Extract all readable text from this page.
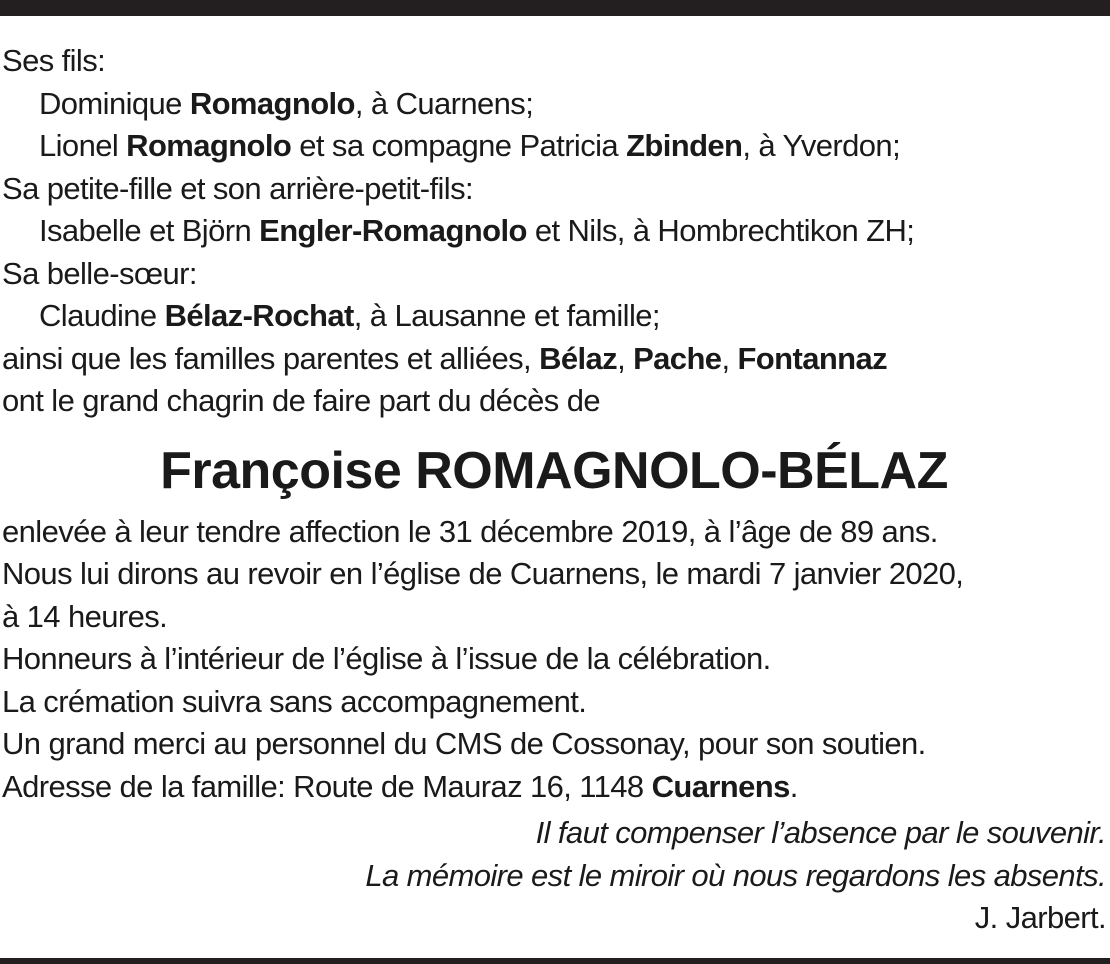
Ses fils:
Dominique Romagnolo, à Cuarnens;
Lionel Romagnolo et sa compagne Patricia Zbinden, à Yverdon;
Sa petite-fille et son arrière-petit-fils:
Isabelle et Björn Engler-Romagnolo et Nils, à Hombrechtikon ZH;
Sa belle-sœur:
Claudine Bélaz-Rochat, à Lausanne et famille;
ainsi que les familles parentes et alliées, Bélaz, Pache, Fontannaz
ont le grand chagrin de faire part du décès de
Françoise ROMAGNOLO-BÉLAZ
enlevée à leur tendre affection le 31 décembre 2019, à l’âge de 89 ans.
Nous lui dirons au revoir en l’église de Cuarnens, le mardi 7 janvier 2020,
à 14 heures.
Honneurs à l’intérieur de l’église à l’issue de la célébration.
La crémation suivra sans accompagnement.
Un grand merci au personnel du CMS de Cossonay, pour son soutien.
Adresse de la famille: Route de Mauraz 16, 1148 Cuarnens.
Il faut compenser l’absence par le souvenir.
La mémoire est le miroir où nous regardons les absents.
J. Jarbert.
